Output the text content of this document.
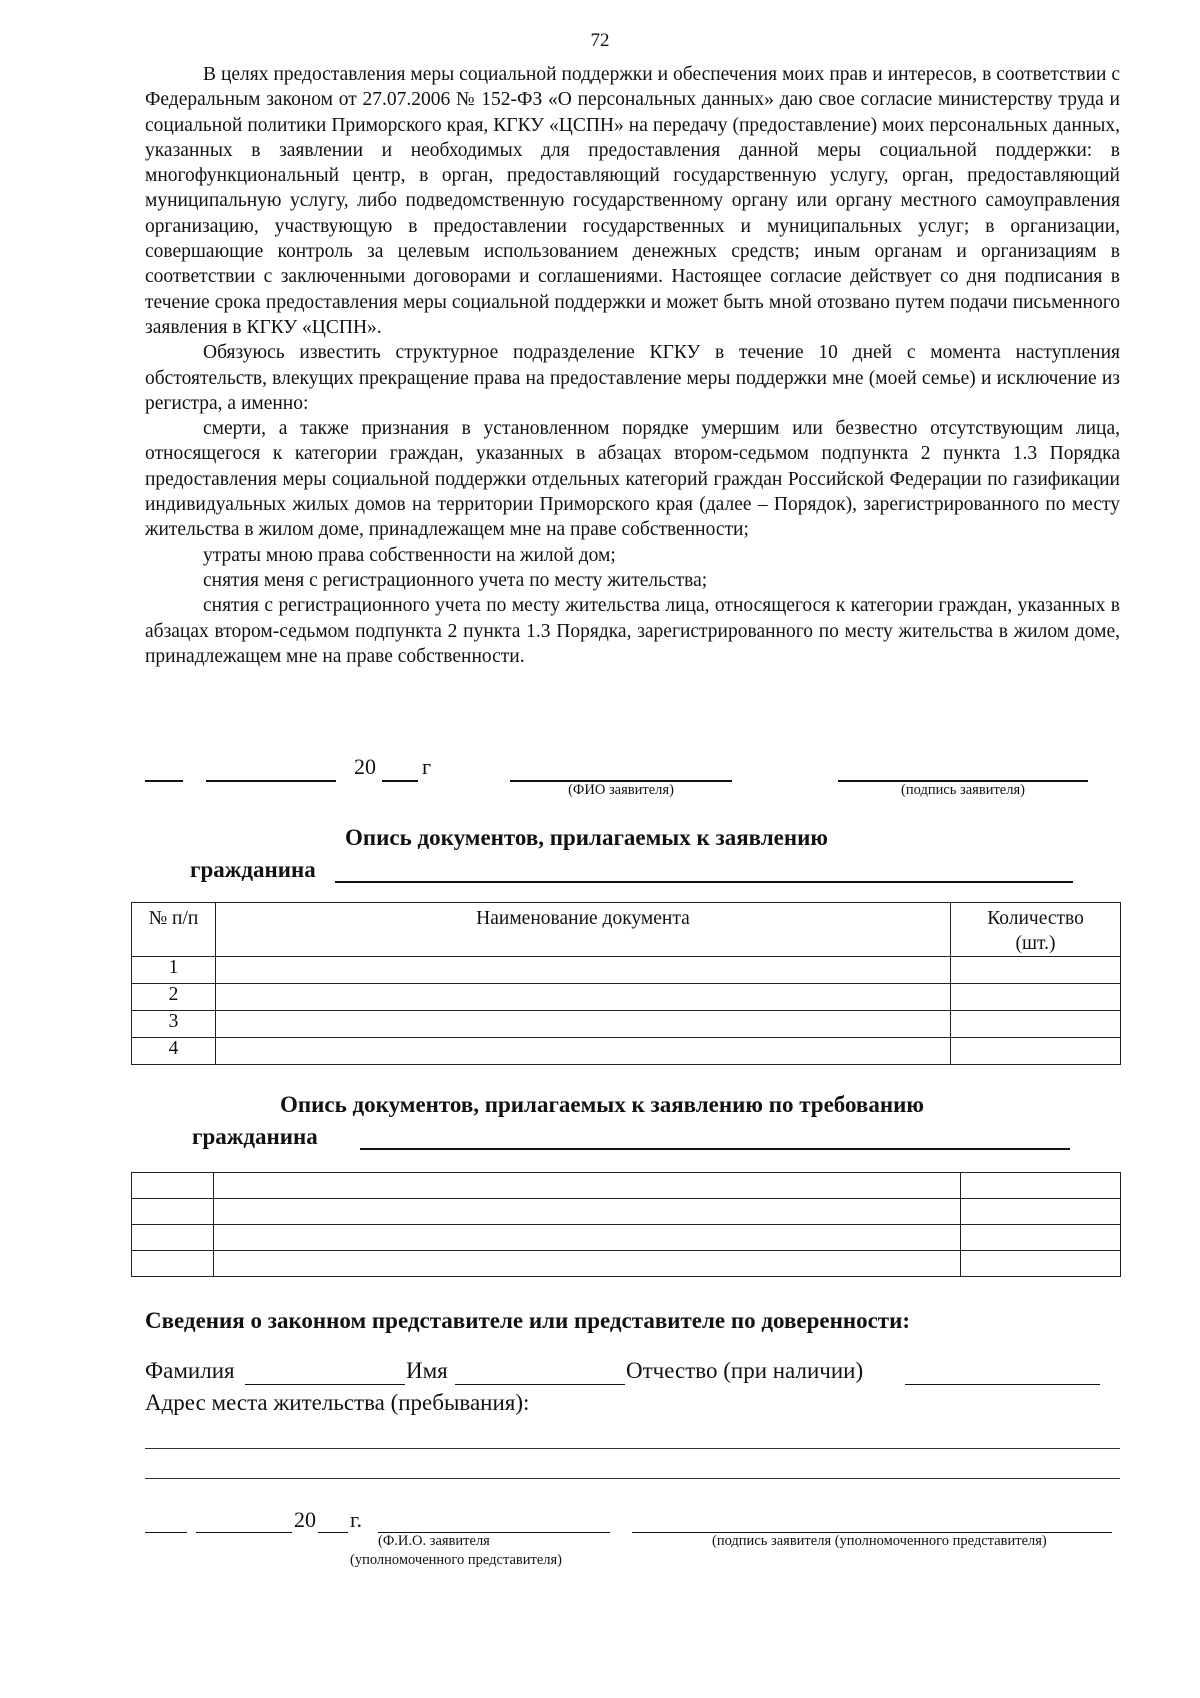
72

В целях предоставления меры социальной поддержки и обеспечения моих прав и интересов, в соответствии с Федеральным законом от 27.07.2006 № 152-ФЗ «О персональных данных» даю свое согласие министерству труда и социальной политики Приморского края, КГКУ «ЦСПН» на передачу (предоставление) моих персональных данных, указанных в заявлении и необходимых для предоставления данной меры социальной поддержки: в многофункциональный центр, в орган, предоставляющий государственную услугу, орган, предоставляющий муниципальную услугу, либо подведомственную государственному органу или органу местного самоуправления организацию, участвующую в предоставлении государственных и муниципальных услуг; в организации, совершающие контроль за целевым использованием денежных средств; иным органам и организациям в соответствии с заключенными договорами и соглашениями. Настоящее согласие действует со дня подписания в течение срока предоставления меры социальной поддержки и может быть мной отозвано путем подачи письменного заявления в КГКУ «ЦСПН».

Обязуюсь известить структурное подразделение КГКУ в течение 10 дней с момента наступления обстоятельств, влекущих прекращение права на предоставление меры поддержки мне (моей семье) и исключение из регистра, а именно:

смерти, а также признания в установленном порядке умершим или безвестно отсутствующим лица, относящегося к категории граждан, указанных в абзацах втором-седьмом подпункта 2 пункта 1.3 Порядка предоставления меры социальной поддержки отдельных категорий граждан Российской Федерации по газификации индивидуальных жилых домов на территории Приморского края (далее – Порядок), зарегистрированного по месту жительства в жилом доме, принадлежащем мне на праве собственности;

утраты мною права собственности на жилой дом;

снятия меня с регистрационного учета по месту жительства;

снятия с регистрационного учета по месту жительства лица, относящегося к категории граждан, указанных в абзацах втором-седьмом подпункта 2 пункта 1.3 Порядка, зарегистрированного по месту жительства в жилом доме, принадлежащем мне на праве собственности.

20 г
(ФИО заявителя)	(подпись заявителя)
Опись документов, прилагаемых к заявлению
гражданина
№ п/п	Наименование документа	Количество (шт.)
1		
2		
3		
4		
Опись документов, прилагаемых к заявлению по требованию
гражданина

Сведения о законном представителе или представителе по доверенности:
Фамилия	Имя	Отчество (при наличии)
Адрес места жительства (пребывания):
20 г.
(Ф.И.О. заявителя
(уполномоченного представителя)
(подпись заявителя (уполномоченного представителя)
